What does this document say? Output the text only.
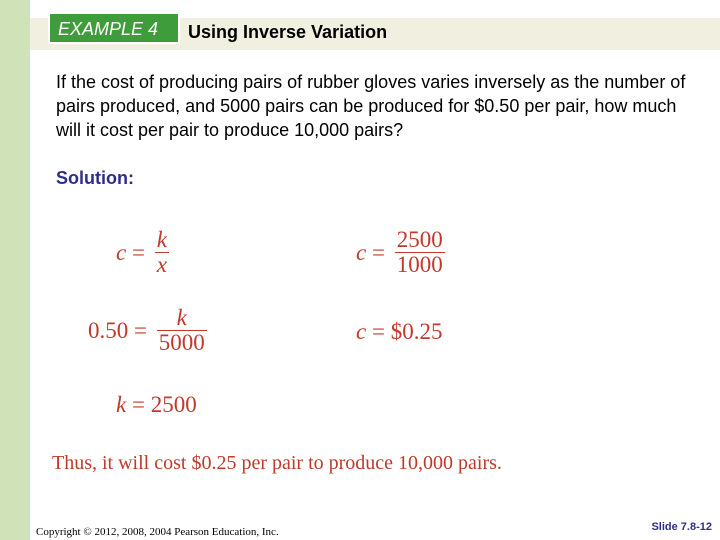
EXAMPLE 4	Using Inverse Variation

If the cost of producing pairs of rubber gloves varies inversely as the number of pairs produced, and 5000 pairs can be produced for $0.50 per pair, how much will it cost per pair to produce 10,000 pairs?

Solution:
$c = \frac{k}{x}$
$0.50 = \frac{k}{5000}$
k = 2500
$c = \frac{2500}{1000}$
c = $0.25
Thus, it will cost $0.25 per pair to produce 10,000 pairs.
Copyright © 2012, 2008, 2004 Pearson Education, Inc.	Slide 7.8-12
